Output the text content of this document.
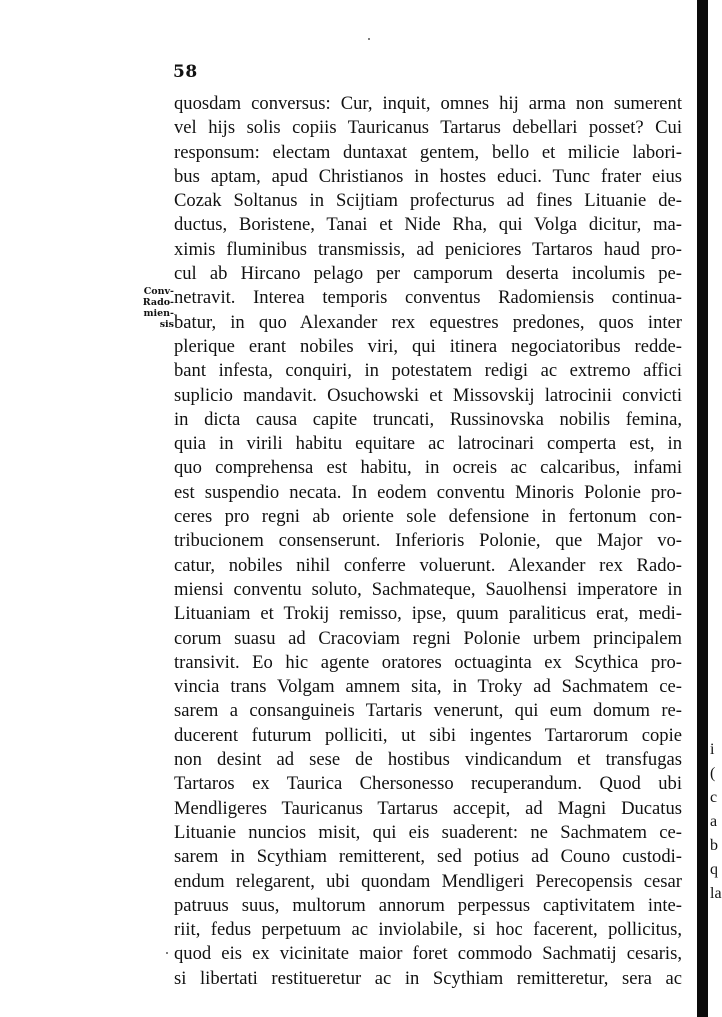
58
Conv-
Rado-
mien-
sis
quosdam conversus: Cur, inquit, omnes hij arma non sumerent
vel hijs solis copiis Tauricanus Tartarus debellari posset? Cui
responsum: electam duntaxat gentem, bello et milicie labori-
bus aptam, apud Christianos in hostes educi. Tunc frater eius
Cozak Soltanus in Scijtiam profecturus ad fines Lituanie de-
ductus, Boristene, Tanai et Nide Rha, qui Volga dicitur, ma-
ximis fluminibus transmissis, ad peniciores Tartaros haud pro-
cul ab Hircano pelago per camporum deserta incolumis pe-
netravit. Interea temporis conventus Radomiensis continua-
batur, in quo Alexander rex equestres predones, quos inter
plerique erant nobiles viri, qui itinera negociatoribus redde-
bant infesta, conquiri, in potestatem redigi ac extremo affici
suplicio mandavit. Osuchowski et Missovskij latrocinii convicti
in dicta causa capite truncati, Russinovska nobilis femina,
quia in virili habitu equitare ac latrocinari comperta est, in
quo comprehensa est habitu, in ocreis ac calcaribus, infami
est suspendio necata. In eodem conventu Minoris Polonie pro-
ceres pro regni ab oriente sole defensione in fertonum con-
tribucionem consenserunt. Inferioris Polonie, que Major vo-
catur, nobiles nihil conferre voluerunt. Alexander rex Rado-
miensi conventu soluto, Sachmateque, Sauolhensi imperatore in
Lituaniam et Trokij remisso, ipse, quum paraliticus erat, medi-
corum suasu ad Cracoviam regni Polonie urbem principalem
transivit. Eo hic agente oratores octuaginta ex Scythica pro-
vincia trans Volgam amnem sita, in Troky ad Sachmatem ce-
sarem a consanguineis Tartaris venerunt, qui eum domum re-
ducerent futurum polliciti, ut sibi ingentes Tartarorum copie
non desint ad sese de hostibus vindicandum et transfugas
Tartaros ex Taurica Chersonesso recuperandum. Quod ubi
Mendligeres Tauricanus Tartarus accepit, ad Magni Ducatus
Lituanie nuncios misit, qui eis suaderent: ne Sachmatem ce-
sarem in Scythiam remitterent, sed potius ad Couno custodi-
endum relegarent, ubi quondam Mendligeri Perecopensis cesar
patruus suus, multorum annorum perpessus captivitatem inte-
riit, fedus perpetuum ac inviolabile, si hoc facerent, pollicitus,
quod eis ex vicinitate maior foret commodo Sachmatij cesaris,
si libertati restitueretur ac in Scythiam remitteretur, sera ac
i
(
c
a
b
q
la
